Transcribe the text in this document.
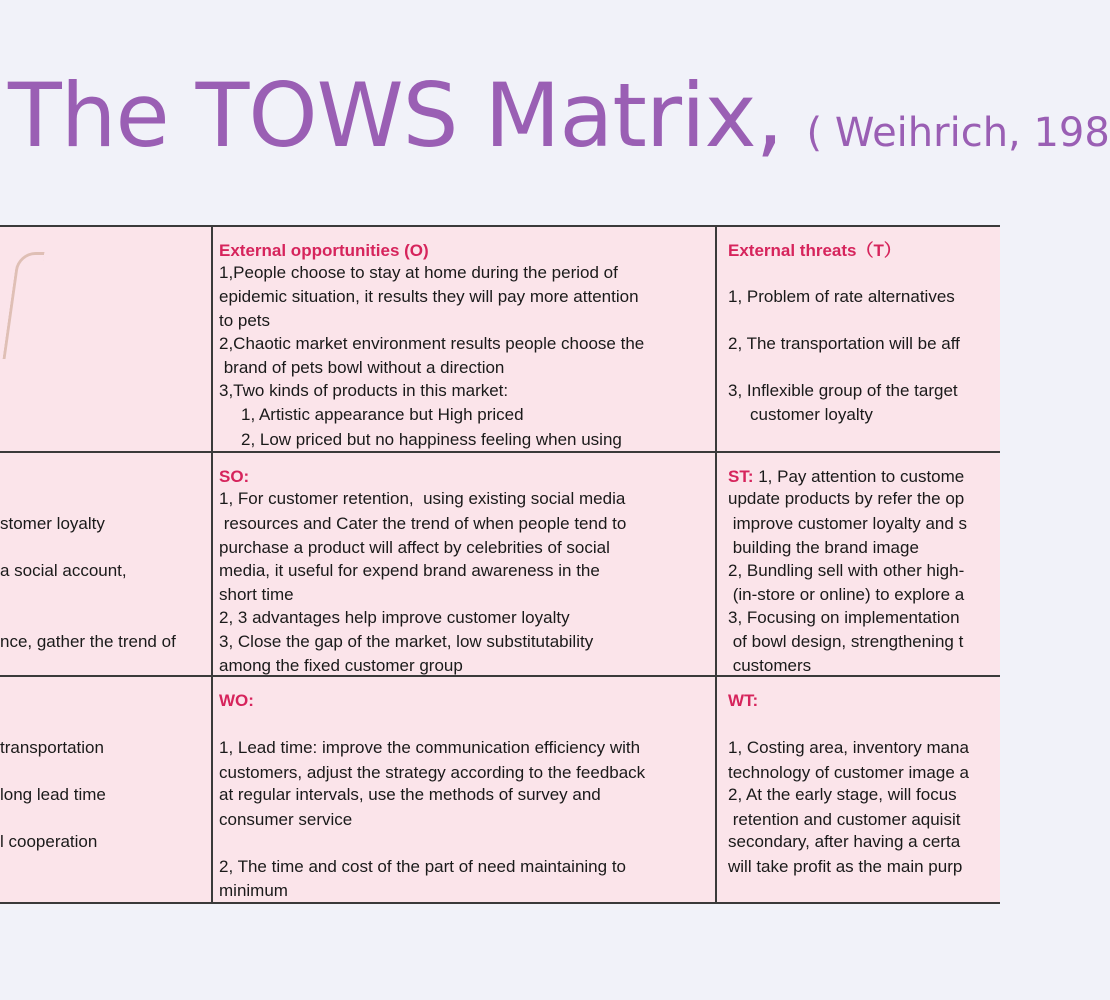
The TOWS Matrix, ( Weihrich, 198
External opportunities (O)
1,People choose to stay at home during the period of
epidemic situation, it results they will pay more attention
to pets
2,Chaotic market environment results people choose the
brand of pets bowl without a direction
3,Two kinds of products in this market:
1, Artistic appearance but High priced
2, Low priced but no happiness feeling when using
External threats（T）
1, Problem of rate alternatives
2, The transportation will be aff
3, Inflexible group of the target
customer loyalty
stomer loyalty
a social account,
nce, gather the trend of
SO:
1, For customer retention,  using existing social media
resources and Cater the trend of when people tend to
purchase a product will affect by celebrities of social
media, it useful for expend brand awareness in the
short time
2, 3 advantages help improve customer loyalty
3, Close the gap of the market, low substitutability
among the fixed customer group
ST: 1, Pay attention to custome
update products by refer the op
improve customer loyalty and s
building the brand image
2, Bundling sell with other high-
(in-store or online) to explore a
3, Focusing on implementation
of bowl design, strengthening t
customers
transportation
long lead time
l cooperation
WO:
1, Lead time: improve the communication efficiency with
customers, adjust the strategy according to the feedback
at regular intervals, use the methods of survey and
consumer service
2, The time and cost of the part of need maintaining to
minimum
WT:
1, Costing area, inventory mana
technology of customer image a
2, At the early stage, will focus
retention and customer aquisit
secondary, after having a certa
will take profit as the main purp
